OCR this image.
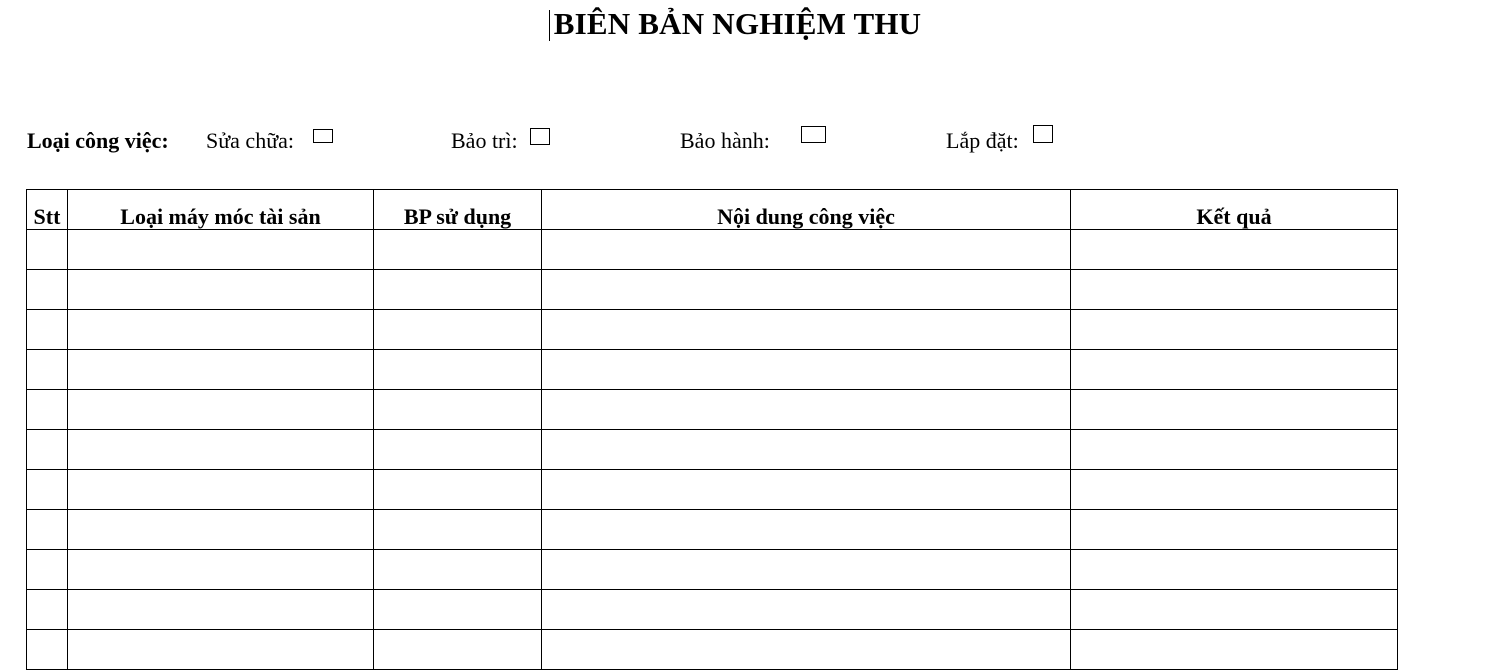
BIÊN BẢN NGHIỆM THU
Loại công việc: Sửa chữa:	Bảo trì:	Bảo hành:	Lắp đặt:
Stt	Loại máy móc tài sản	BP sử dụng	Nội dung công việc	Kết quả
